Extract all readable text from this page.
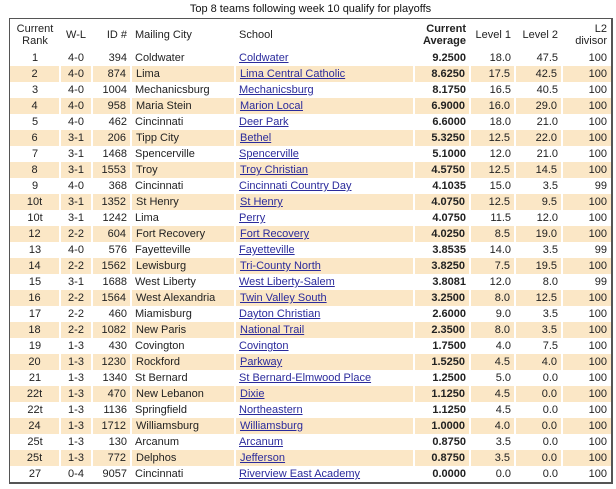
Top 8 teams following week 10 qualify for playoffs
Current Rank	W-L	ID #	Mailing City	School	Current Average	Level 1	Level 2	L2 divisor
1	4-0	394	Coldwater	Coldwater	9.2500	18.0	47.5	100
2	4-0	874	Lima	Lima Central Catholic	8.6250	17.5	42.5	100
3	4-0	1004	Mechanicsburg	Mechanicsburg	8.1750	16.5	40.5	100
4	4-0	958	Maria Stein	Marion Local	6.9000	16.0	29.0	100
5	4-0	462	Cincinnati	Deer Park	6.6000	18.0	21.0	100
6	3-1	206	Tipp City	Bethel	5.3250	12.5	22.0	100
7	3-1	1468	Spencerville	Spencerville	5.1000	12.0	21.0	100
8	3-1	1553	Troy	Troy Christian	4.5750	12.5	14.5	100
9	4-0	368	Cincinnati	Cincinnati Country Day	4.1035	15.0	3.5	99
10t	3-1	1352	St Henry	St Henry	4.0750	12.5	9.5	100
10t	3-1	1242	Lima	Perry	4.0750	11.5	12.0	100
12	2-2	604	Fort Recovery	Fort Recovery	4.0250	8.5	19.0	100
13	4-0	576	Fayetteville	Fayetteville	3.8535	14.0	3.5	99
14	2-2	1562	Lewisburg	Tri-County North	3.8250	7.5	19.5	100
15	3-1	1688	West Liberty	West Liberty-Salem	3.8081	12.0	8.0	99
16	2-2	1564	West Alexandria	Twin Valley South	3.2500	8.0	12.5	100
17	2-2	460	Miamisburg	Dayton Christian	2.6000	9.0	3.5	100
18	2-2	1082	New Paris	National Trail	2.3500	8.0	3.5	100
19	1-3	430	Covington	Covington	1.7500	4.0	7.5	100
20	1-3	1230	Rockford	Parkway	1.5250	4.5	4.0	100
21	1-3	1340	St Bernard	St Bernard-Elmwood Place	1.2500	5.0	0.0	100
22t	1-3	470	New Lebanon	Dixie	1.1250	4.5	0.0	100
22t	1-3	1136	Springfield	Northeastern	1.1250	4.5	0.0	100
24	1-3	1712	Williamsburg	Williamsburg	1.0000	4.0	0.0	100
25t	1-3	130	Arcanum	Arcanum	0.8750	3.5	0.0	100
25t	1-3	772	Delphos	Jefferson	0.8750	3.5	0.0	100
27	0-4	9057	Cincinnati	Riverview East Academy	0.0000	0.0	0.0	100
